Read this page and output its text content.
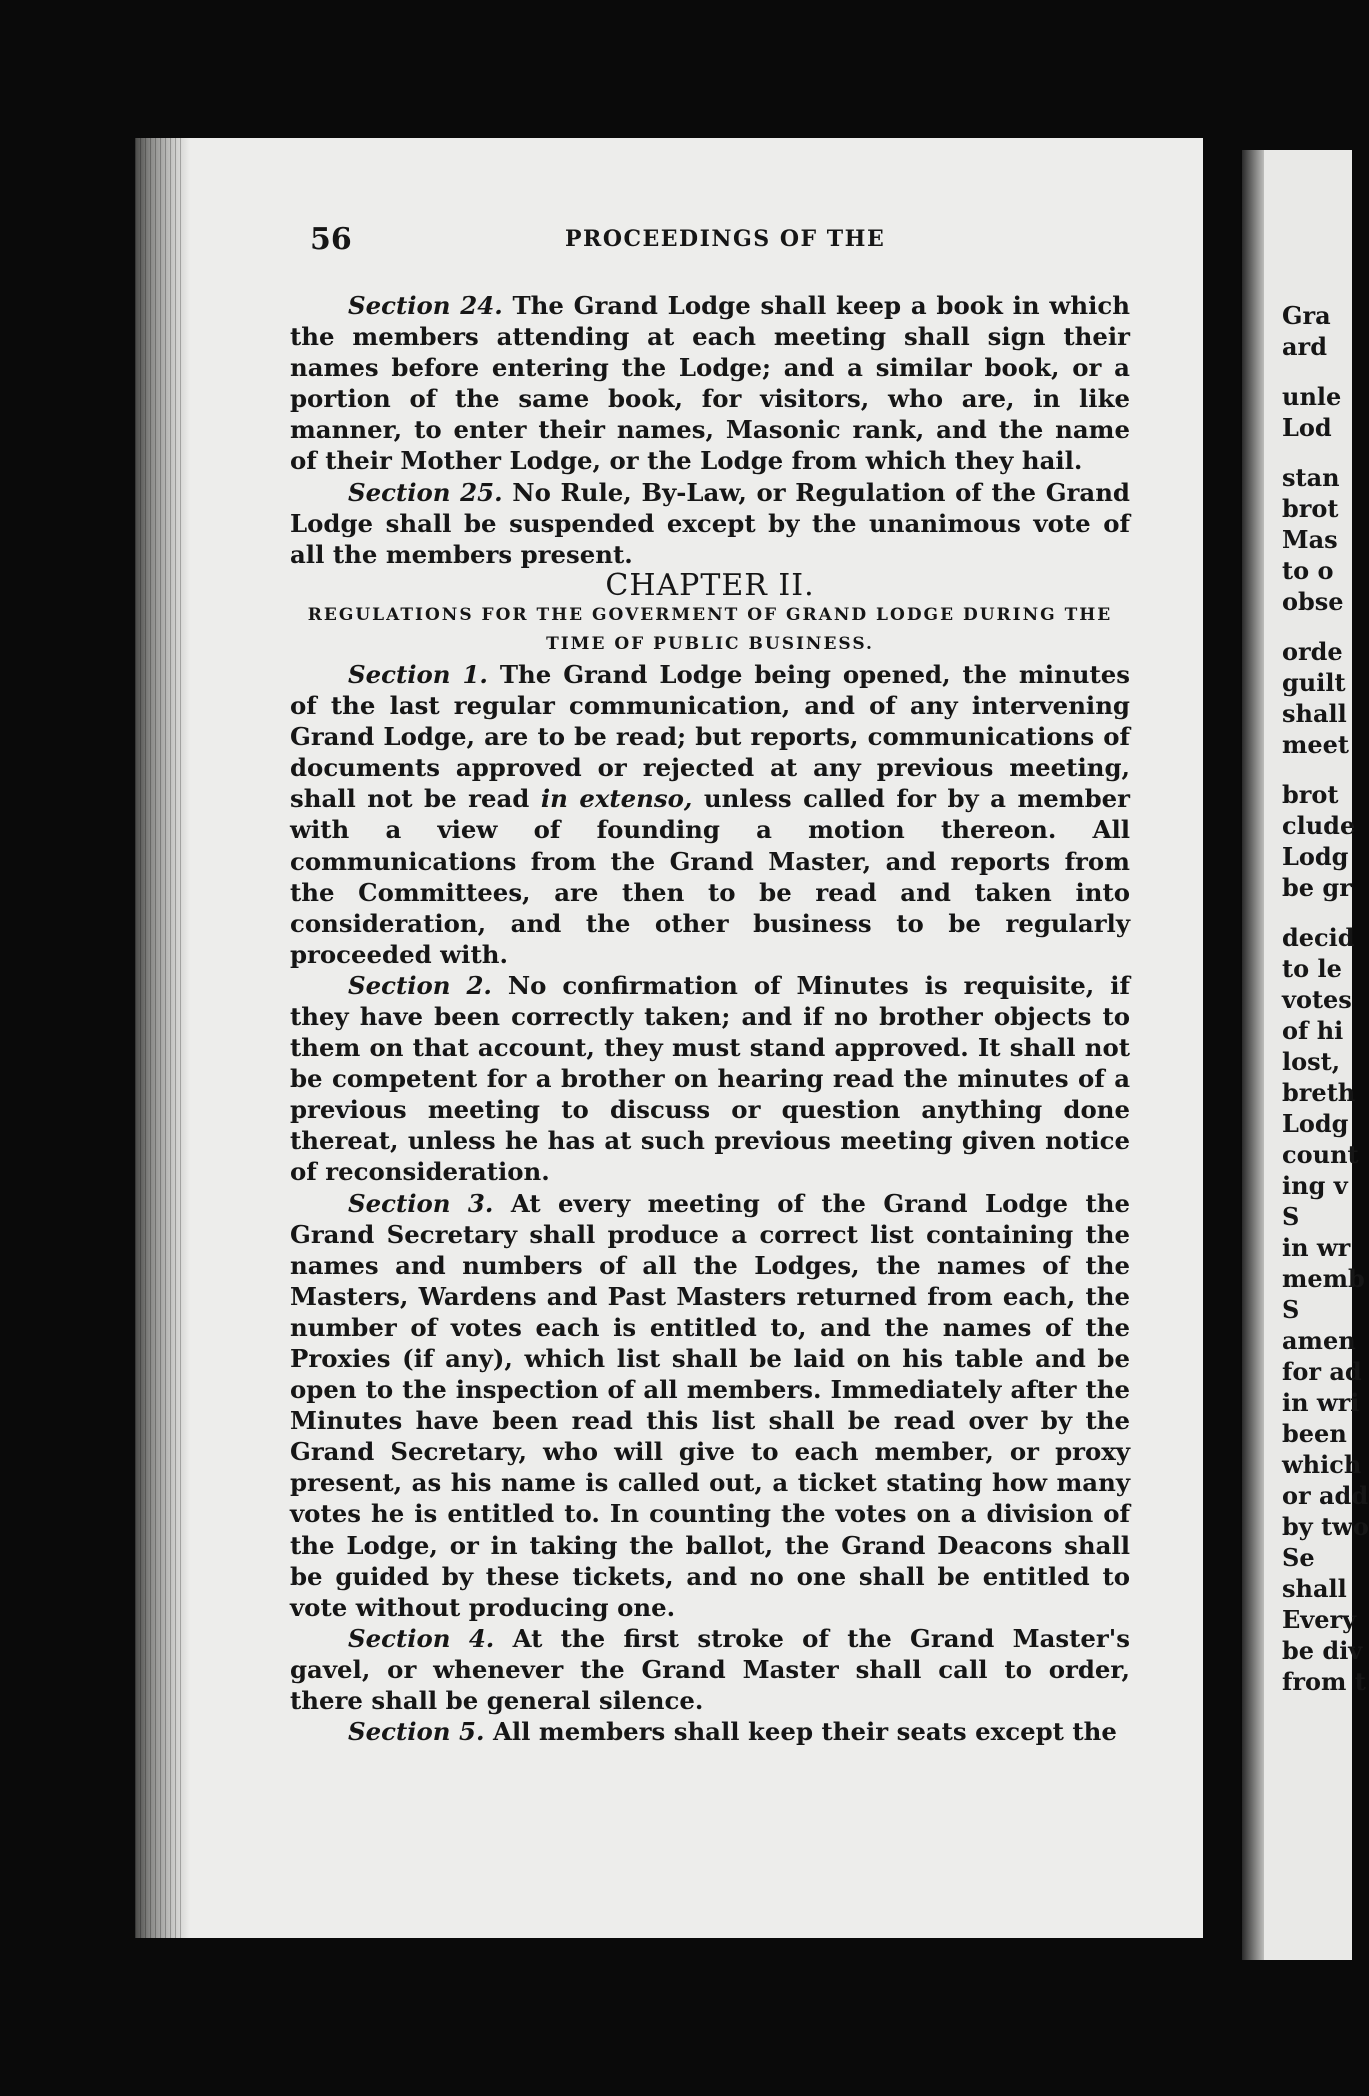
56	PROCEEDINGS OF THE

Section 24. The Grand Lodge shall keep a book in which the members attending at each meeting shall sign their names before entering the Lodge; and a similar book, or a portion of the same book, for visitors, who are, in like manner, to enter their names, Masonic rank, and the name of their Mother Lodge, or the Lodge from which they hail.

Section 25. No Rule, By-Law, or Regulation of the Grand Lodge shall be suspended except by the unanimous vote of all the members present.

CHAPTER II.

REGULATIONS FOR THE GOVERMENT OF GRAND LODGE DURING THE TIME OF PUBLIC BUSINESS.

Section 1. The Grand Lodge being opened, the minutes of the last regular communication, and of any intervening Grand Lodge, are to be read; but reports, communications of documents approved or rejected at any previous meeting, shall not be read in extenso, unless called for by a member with a view of founding a motion thereon. All communications from the Grand Master, and reports from the Committees, are then to be read and taken into consideration, and the other business to be regularly proceeded with.

Section 2. No confirmation of Minutes is requisite, if they have been correctly taken; and if no brother objects to them on that account, they must stand approved. It shall not be competent for a brother on hearing read the minutes of a previous meeting to discuss or question anything done thereat, unless he has at such previous meeting given notice of reconsideration.

Section 3. At every meeting of the Grand Lodge the Grand Secretary shall produce a correct list containing the names and numbers of all the Lodges, the names of the Masters, Wardens and Past Masters returned from each, the number of votes each is entitled to, and the names of the Proxies (if any), which list shall be laid on his table and be open to the inspection of all members. Immediately after the Minutes have been read this list shall be read over by the Grand Secretary, who will give to each member, or proxy present, as his name is called out, a ticket stating how many votes he is entitled to. In counting the votes on a division of the Lodge, or in taking the ballot, the Grand Deacons shall be guided by these tickets, and no one shall be entitled to vote without producing one.

Section 4. At the first stroke of the Grand Master's gavel, or whenever the Grand Master shall call to order, there shall be general silence.

Section 5. All members shall keep their seats except the

Gra
ard
unle
Lod
stan
brot
Mas
to o
obse
orde
guilt
shall
meet
brot
clude
Lodg
be gr
decid
to le
votes
of hi
lost,
breth
Lodg
count
ing v
S
in wr
memb
S
amen
for ad
in wri
been
which
or add
by two
Se
shall
Every
be div
from t
